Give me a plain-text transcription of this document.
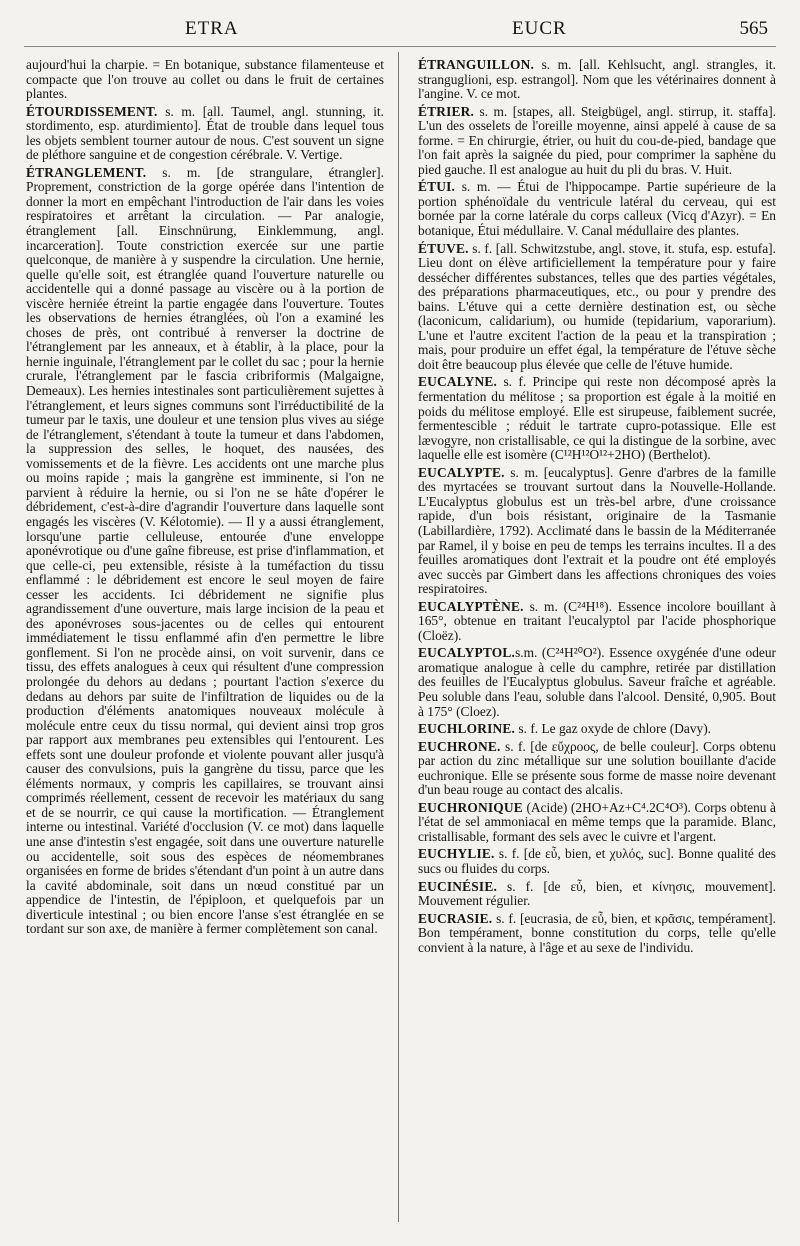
ETRA	EUCR	565

aujourd'hui la charpie. = En botanique, substance filamenteuse et compacte que l'on trouve au collet ou dans le fruit de certaines plantes.

ÉTOURDISSEMENT. s. m. [all. Taumel, angl. stunning, it. stordimento, esp. aturdimiento]. État de trouble dans lequel tous les objets semblent tourner autour de nous. C'est souvent un signe de pléthore sanguine et de congestion cérébrale. V. Vertige.

ÉTRANGLEMENT. s. m. [de strangulare, étrangler]. Proprement, constriction de la gorge opérée dans l'intention de donner la mort en empêchant l'introduction de l'air dans les voies respiratoires et arrêtant la circulation. — Par analogie, étranglement [all. Einschnürung, Einklemmung, angl. incarceration]. Toute constriction exercée sur une partie quelconque, de manière à y suspendre la circulation. Une hernie, quelle qu'elle soit, est étranglée quand l'ouverture naturelle ou accidentelle qui a donné passage au viscère ou à la portion de viscère herniée étreint la partie engagée dans l'ouverture. Toutes les observations de hernies étranglées, où l'on a examiné les choses de près, ont contribué à renverser la doctrine de l'étranglement par les anneaux, et à établir, à la place, pour la hernie inguinale, l'étranglement par le collet du sac ; pour la hernie crurale, l'étranglement par le fascia cribriformis (Malgaigne, Demeaux). Les hernies intestinales sont particulièrement sujettes à l'étranglement, et leurs signes communs sont l'irréductibilité de la tumeur par le taxis, une douleur et une tension plus vives au siége de l'étranglement, s'étendant à toute la tumeur et dans l'abdomen, la suppression des selles, le hoquet, des nausées, des vomissements et de la fièvre. Les accidents ont une marche plus ou moins rapide ; mais la gangrène est imminente, si l'on ne parvient à réduire la hernie, ou si l'on ne se hâte d'opérer le débridement, c'est-à-dire d'agrandir l'ouverture dans laquelle sont engagés les viscères (V. Kélotomie). — Il y a aussi étranglement, lorsqu'une partie celluleuse, entourée d'une enveloppe aponévrotique ou d'une gaîne fibreuse, est prise d'inflammation, et que celle-ci, peu extensible, résiste à la tuméfaction du tissu enflammé : le débridement est encore le seul moyen de faire cesser les accidents. Ici débridement ne signifie plus agrandissement d'une ouverture, mais large incision de la peau et des aponévroses sous-jacentes ou de celles qui entourent immédiatement le tissu enflammé afin d'en permettre le libre gonflement. Si l'on ne procède ainsi, on voit survenir, dans ce tissu, des effets analogues à ceux qui résultent d'une compression prolongée du dehors au dedans ; pourtant l'action s'exerce du dedans au dehors par suite de l'infiltration de liquides ou de la production d'éléments anatomiques nouveaux molécule à molécule entre ceux du tissu normal, qui devient ainsi trop gros par rapport aux membranes peu extensibles qui l'entourent. Les effets sont une douleur profonde et violente pouvant aller jusqu'à causer des convulsions, puis la gangrène du tissu, parce que les éléments normaux, y compris les capillaires, se trouvant ainsi comprimés réellement, cessent de recevoir les matériaux du sang et de se nourrir, ce qui cause la mortification. — Étranglement interne ou intestinal. Variété d'occlusion (V. ce mot) dans laquelle une anse d'intestin s'est engagée, soit dans une ouverture naturelle ou accidentelle, soit sous des espèces de néomembranes organisées en forme de brides s'étendant d'un point à un autre dans la cavité abdominale, soit dans un nœud constitué par un appendice de l'intestin, de l'épiploon, et quelquefois par un diverticule intestinal ; ou bien encore l'anse s'est étranglée en se tordant sur son axe, de manière à fermer complètement son canal.

ÉTRANGUILLON. s. m. [all. Kehlsucht, angl. strangles, it. stranguglioni, esp. estrangol]. Nom que les vétérinaires donnent à l'angine. V. ce mot.

ÉTRIER. s. m. [stapes, all. Steigbügel, angl. stirrup, it. staffa]. L'un des osselets de l'oreille moyenne, ainsi appelé à cause de sa forme. = En chirurgie, étrier, ou huit du cou-de-pied, bandage que l'on fait après la saignée du pied, pour comprimer la saphène du pied gauche. Il est analogue au huit du pli du bras. V. Huit.

ÉTUI. s. m. — Étui de l'hippocampe. Partie supérieure de la portion sphénoïdale du ventricule latéral du cerveau, qui est bornée par la corne latérale du corps calleux (Vicq d'Azyr). = En botanique, Étui médullaire. V. Canal médullaire des plantes.

ÉTUVE. s. f. [all. Schwitzstube, angl. stove, it. stufa, esp. estufa]. Lieu dont on élève artificiellement la température pour y faire dessécher différentes substances, telles que des parties végétales, des préparations pharmaceutiques, etc., ou pour y prendre des bains. L'étuve qui a cette dernière destination est, ou sèche (laconicum, calidarium), ou humide (tepidarium, vaporarium). L'une et l'autre excitent l'action de la peau et la transpiration ; mais, pour produire un effet égal, la température de l'étuve sèche doit être beaucoup plus élevée que celle de l'étuve humide.

EUCALYNE. s. f. Principe qui reste non décomposé après la fermentation du mélitose ; sa proportion est égale à la moitié en poids du mélitose employé. Elle est sirupeuse, faiblement sucrée, fermentescible ; réduit le tartrate cupro-potassique. Elle est lævogyre, non cristallisable, ce qui la distingue de la sorbine, avec laquelle elle est isomère (C¹²H¹²O¹²+2HO) (Berthelot).

EUCALYPTE. s. m. [eucalyptus]. Genre d'arbres de la famille des myrtacées se trouvant surtout dans la Nouvelle-Hollande. L'Eucalyptus globulus est un très-bel arbre, d'une croissance rapide, d'un bois résistant, originaire de la Tasmanie (Labillardière, 1792). Acclimaté dans le bassin de la Méditerranée par Ramel, il y boise en peu de temps les terrains incultes. Il a des feuilles aromatiques dont l'extrait et la poudre ont été employés avec succès par Gimbert dans les affections chroniques des voies respiratoires.

EUCALYPTÈNE. s. m. (C²⁴H¹⁸). Essence incolore bouillant à 165°, obtenue en traitant l'eucalyptol par l'acide phosphorique (Cloëz).

EUCALYPTOL.s.m. (C²⁴H²⁰O²). Essence oxygénée d'une odeur aromatique analogue à celle du camphre, retirée par distillation des feuilles de l'Eucalyptus globulus. Saveur fraîche et agréable. Peu soluble dans l'eau, soluble dans l'alcool. Densité, 0,905. Bout à 175° (Cloez).

EUCHLORINE. s. f. Le gaz oxyde de chlore (Davy).

EUCHRONE. s. f. [de εὔχροος, de belle couleur]. Corps obtenu par action du zinc métallique sur une solution bouillante d'acide euchronique. Elle se présente sous forme de masse noire devenant d'un beau rouge au contact des alcalis.

EUCHRONIQUE (Acide) (2HO+Az+C⁴.2C⁴O³). Corps obtenu à l'état de sel ammoniacal en même temps que la paramide. Blanc, cristallisable, formant des sels avec le cuivre et l'argent.

EUCHYLIE. s. f. [de εὖ, bien, et χυλός, suc]. Bonne qualité des sucs ou fluides du corps.

EUCINÉSIE. s. f. [de εὖ, bien, et κίνησις, mouvement]. Mouvement régulier.

EUCRASIE. s. f. [eucrasia, de εὖ, bien, et κρᾶσις, tempérament]. Bon tempérament, bonne constitution du corps, telle qu'elle convient à la nature, à l'âge et au sexe de l'individu.
